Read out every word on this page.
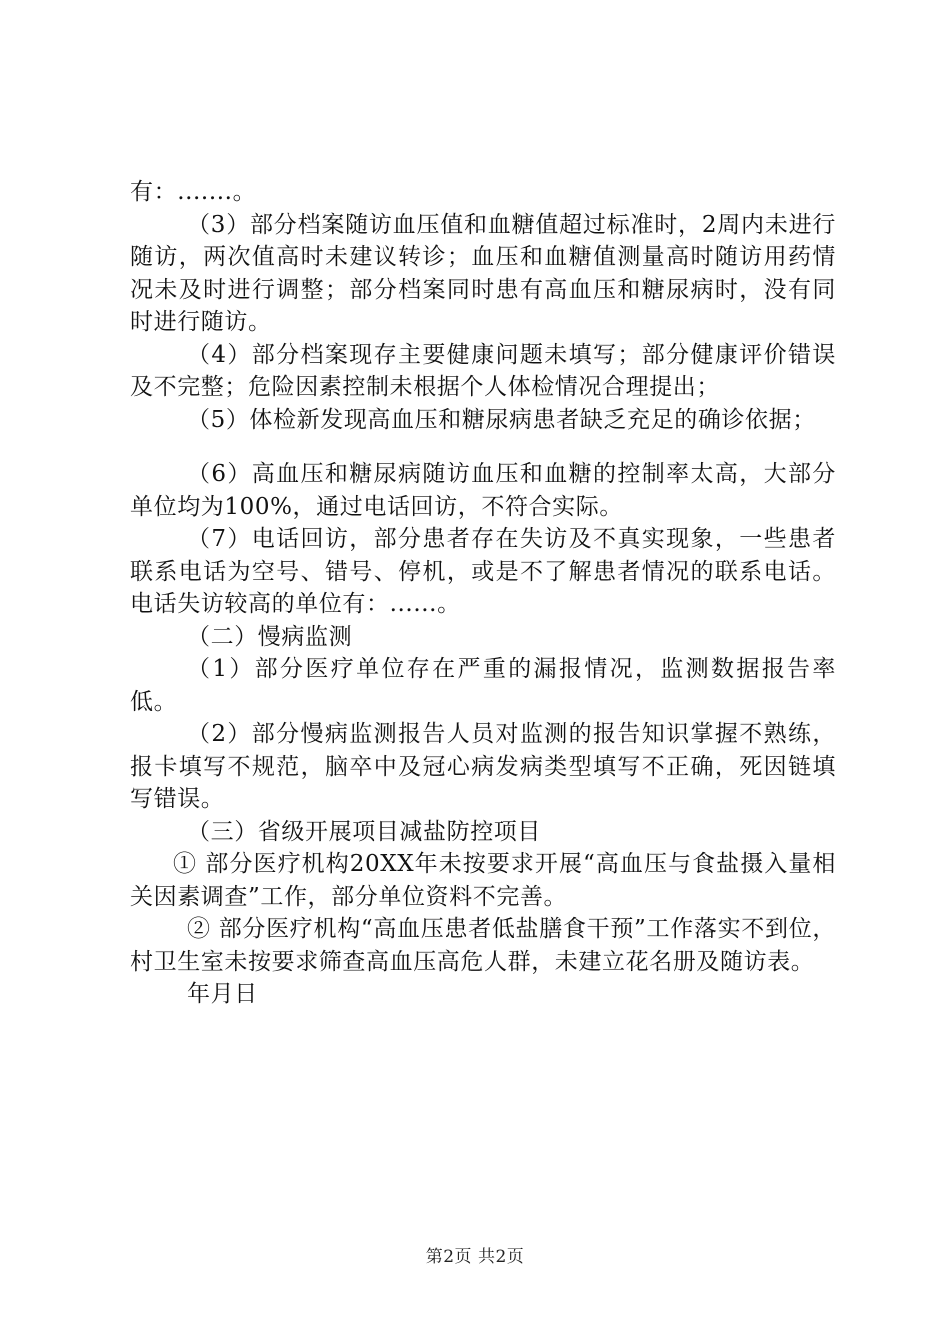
有：.......。

（3）部分档案随访血压值和血糖值超过标准时，2周内未进行随访，两次值高时未建议转诊；血压和血糖值测量高时随访用药情况未及时进行调整；部分档案同时患有高血压和糖尿病时，没有同时进行随访。

（4）部分档案现存主要健康问题未填写；部分健康评价错误及不完整；危险因素控制未根据个人体检情况合理提出；

（5）体检新发现高血压和糖尿病患者缺乏充足的确诊依据；

（6）高血压和糖尿病随访血压和血糖的控制率太高，大部分单位均为100%，通过电话回访，不符合实际。

（7）电话回访，部分患者存在失访及不真实现象，一些患者联系电话为空号、错号、停机，或是不了解患者情况的联系电话。电话失访较高的单位有：......。

（二）慢病监测

（1）部分医疗单位存在严重的漏报情况，监测数据报告率低。

（2）部分慢病监测报告人员对监测的报告知识掌握不熟练，报卡填写不规范，脑卒中及冠心病发病类型填写不正确，死因链填写错误。

（三）省级开展项目减盐防控项目

① 部分医疗机构20XX年未按要求开展“高血压与食盐摄入量相关因素调查”工作，部分单位资料不完善。

② 部分医疗机构“高血压患者低盐膳食干预”工作落实不到位，村卫生室未按要求筛查高血压高危人群，未建立花名册及随访表。

年月日

第2页 共2页
